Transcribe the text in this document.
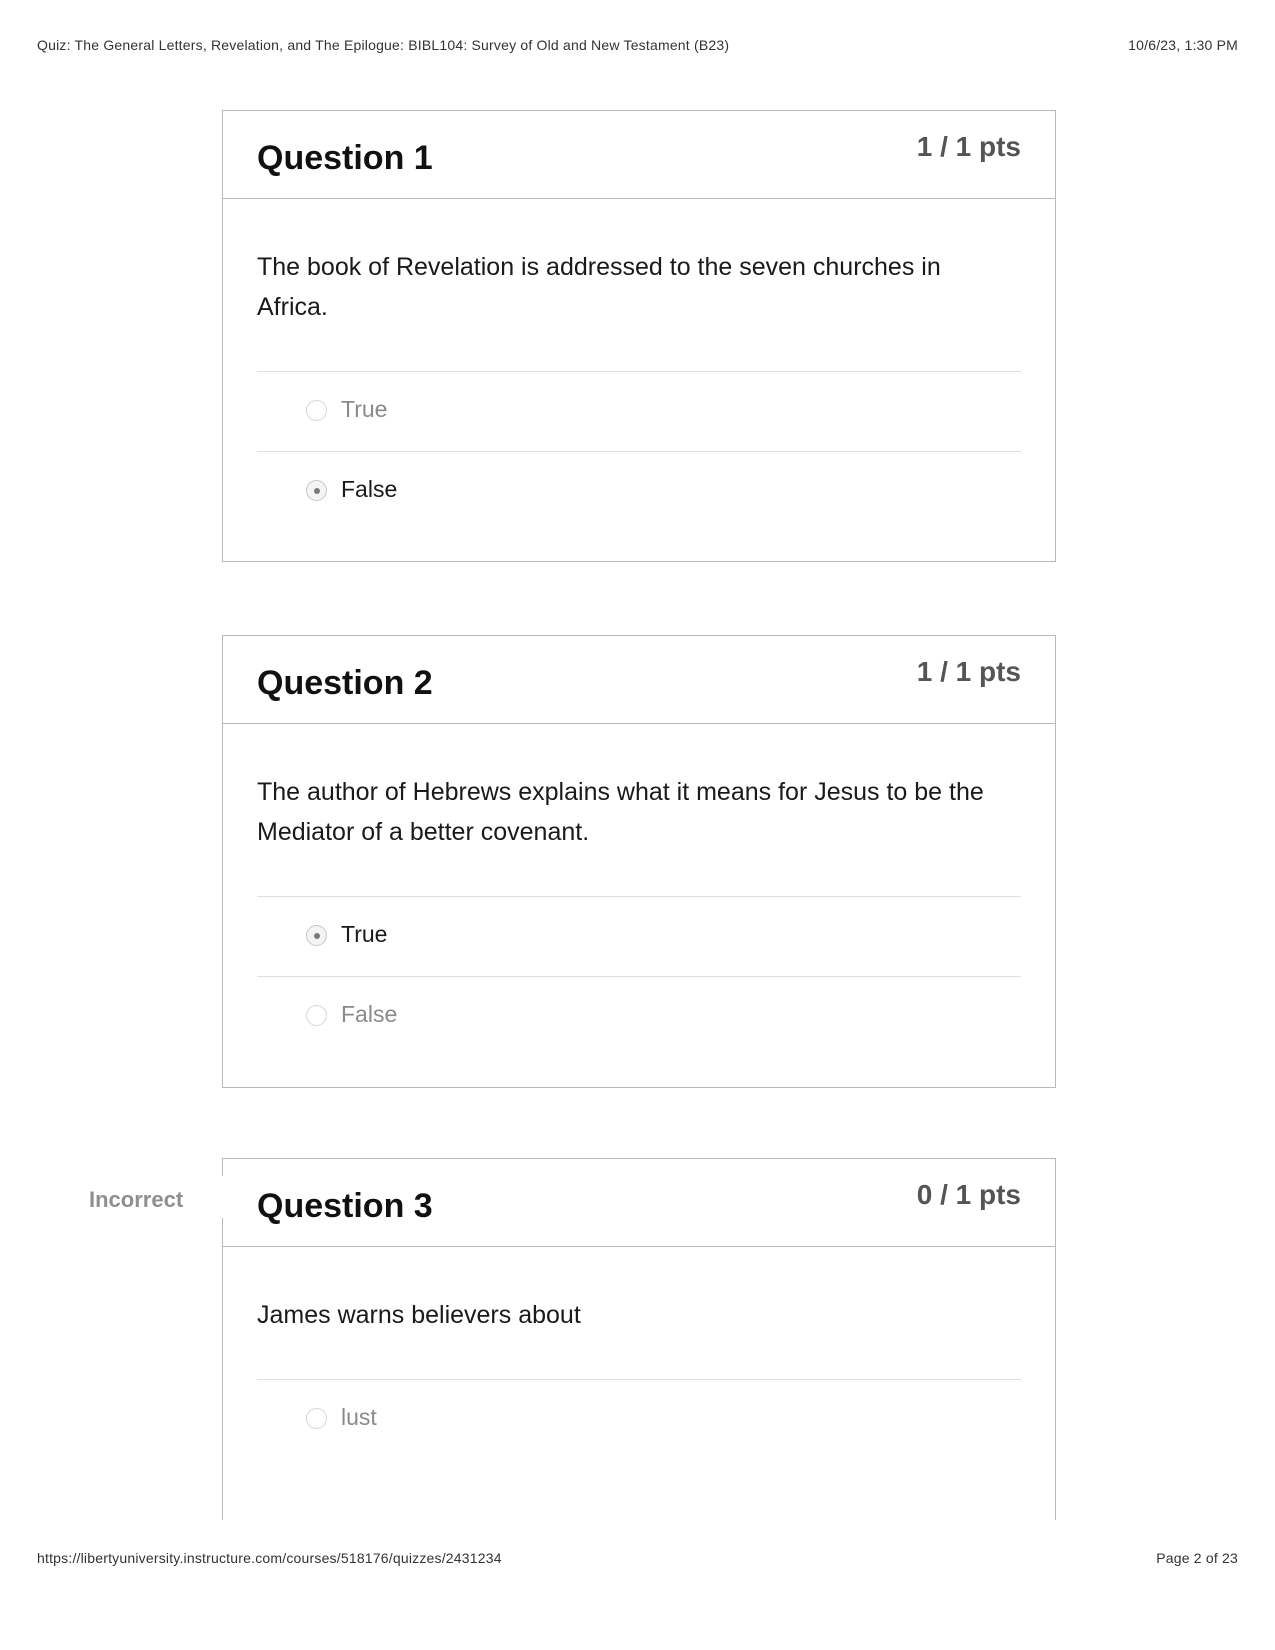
Quiz: The General Letters, Revelation, and The Epilogue: BIBL104: Survey of Old and New Testament (B23)	10/6/23, 1:30 PM
Question 1	1 / 1 pts
The book of Revelation is addressed to the seven churches in Africa.
True
False
Question 2	1 / 1 pts
The author of Hebrews explains what it means for Jesus to be the Mediator of a better covenant.
True
False
Incorrect Question 3	0 / 1 pts
James warns believers about
lust
https://libertyuniversity.instructure.com/courses/518176/quizzes/2431234	Page 2 of 23
